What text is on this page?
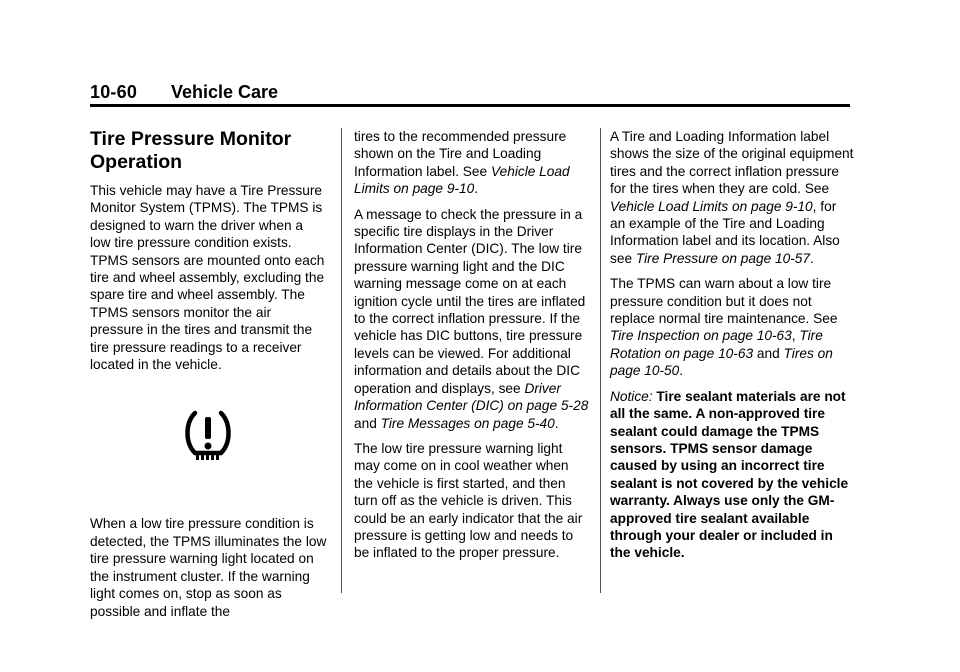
10-60 Vehicle Care
Tire Pressure Monitor Operation

This vehicle may have a Tire Pressure Monitor System (TPMS). The TPMS is designed to warn the driver when a low tire pressure condition exists. TPMS sensors are mounted onto each tire and wheel assembly, excluding the spare tire and wheel assembly. The TPMS sensors monitor the air pressure in the tires and transmit the tire pressure readings to a receiver located in the vehicle.

When a low tire pressure condition is detected, the TPMS illuminates the low tire pressure warning light located on the instrument cluster. If the warning light comes on, stop as soon as possible and inflate the

tires to the recommended pressure shown on the Tire and Loading Information label. See Vehicle Load Limits on page 9-10.

A message to check the pressure in a specific tire displays in the Driver Information Center (DIC). The low tire pressure warning light and the DIC warning message come on at each ignition cycle until the tires are inflated to the correct inflation pressure. If the vehicle has DIC buttons, tire pressure levels can be viewed. For additional information and details about the DIC operation and displays, see Driver Information Center (DIC) on page 5-28 and Tire Messages on page 5-40.

The low tire pressure warning light may come on in cool weather when the vehicle is first started, and then turn off as the vehicle is driven. This could be an early indicator that the air pressure is getting low and needs to be inflated to the proper pressure.

A Tire and Loading Information label shows the size of the original equipment tires and the correct inflation pressure for the tires when they are cold. See Vehicle Load Limits on page 9-10, for an example of the Tire and Loading Information label and its location. Also see Tire Pressure on page 10-57.

The TPMS can warn about a low tire pressure condition but it does not replace normal tire maintenance. See Tire Inspection on page 10-63, Tire Rotation on page 10-63 and Tires on page 10-50.

Notice: Tire sealant materials are not all the same. A non-approved tire sealant could damage the TPMS sensors. TPMS sensor damage caused by using an incorrect tire sealant is not covered by the vehicle warranty. Always use only the GM-approved tire sealant available through your dealer or included in the vehicle.
